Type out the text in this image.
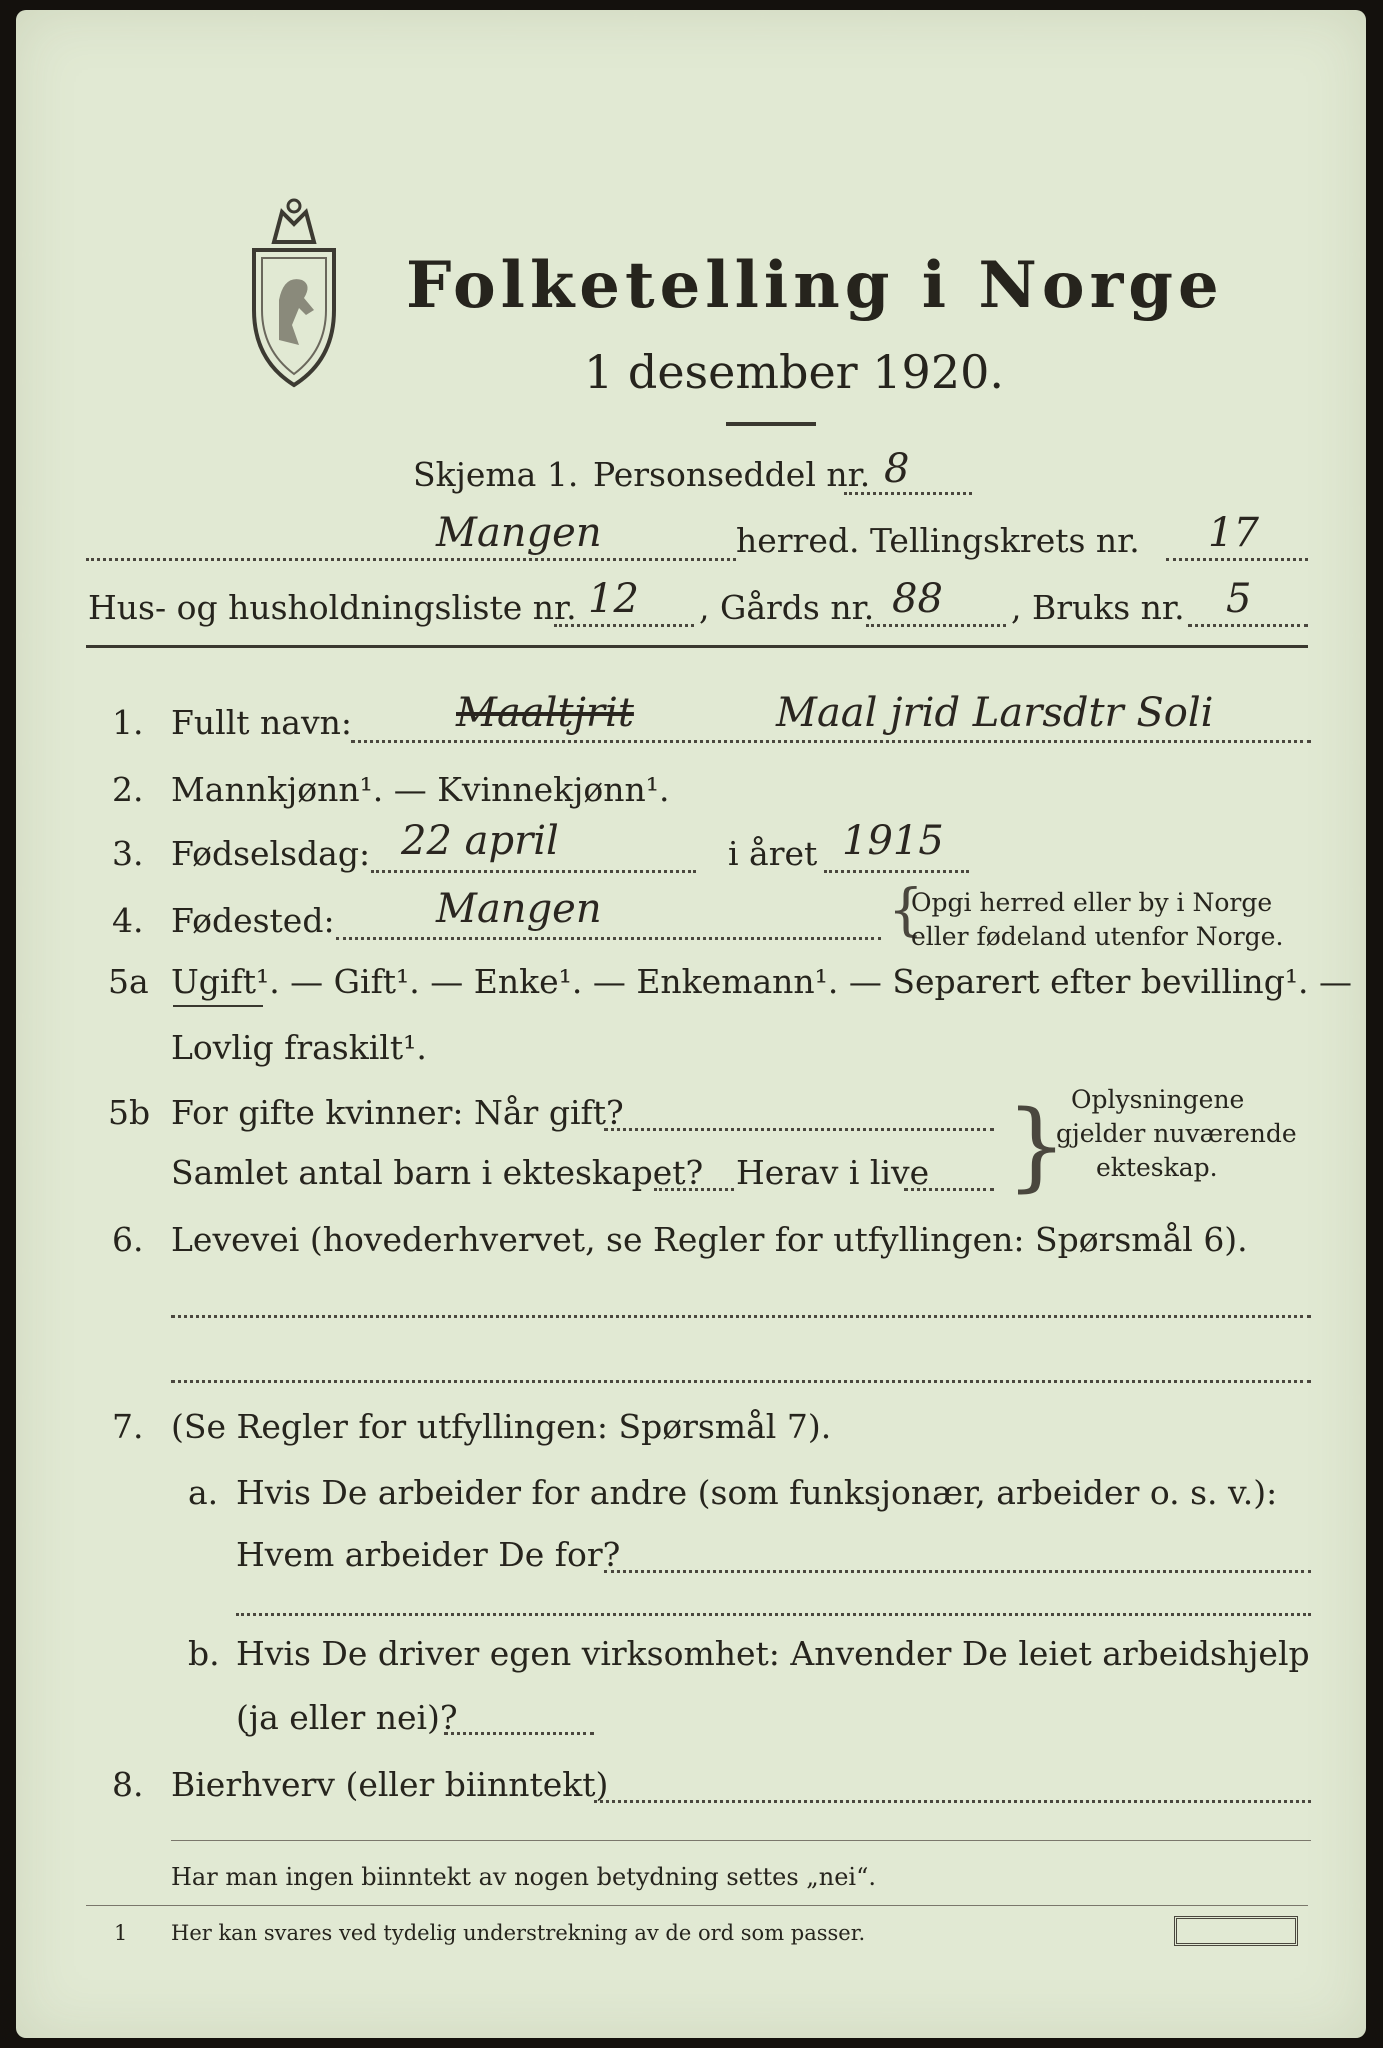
Folketelling i Norge
1 desember 1920.
Skjema 1. Personseddel nr. 8
Mangen	herred. Tellingskrets nr. 17
Hus- og husholdningsliste nr. 12 , Gårds nr. 88 , Bruks nr. 5
1. Fullt navn:	Maaltjrit	Maal jrid Larsdtr Soli
2. Mannkjønn¹. — Kvinnekjønn¹.
3. Fødselsdag: 22 april	i året 1915
4. Fødested:	Mangen	{
Opgi herred eller by i Norge
eller fødeland utenfor Norge.
5a Ugift¹. — Gift¹. — Enke¹. — Enkemann¹. — Separert efter bevilling¹. —
Lovlig fraskilt¹.
5b For gifte kvinner: Når gift?
Samlet antal barn i ekteskapet? Herav i live } Oplysningene
gjelder nuværende
ekteskap.
6. Levevei (hovederhvervet, se Regler for utfyllingen: Spørsmål 6).
7. (Se Regler for utfyllingen: Spørsmål 7).
a. Hvis De arbeider for andre (som funksjonær, arbeider o. s. v.):
Hvem arbeider De for?
b. Hvis De driver egen virksomhet: Anvender De leiet arbeidshjelp
(ja eller nei)?
8. Bierhverv (eller biinntekt)
Har man ingen biinntekt av nogen betydning settes „nei“.
1 Her kan svares ved tydelig understrekning av de ord som passer.
